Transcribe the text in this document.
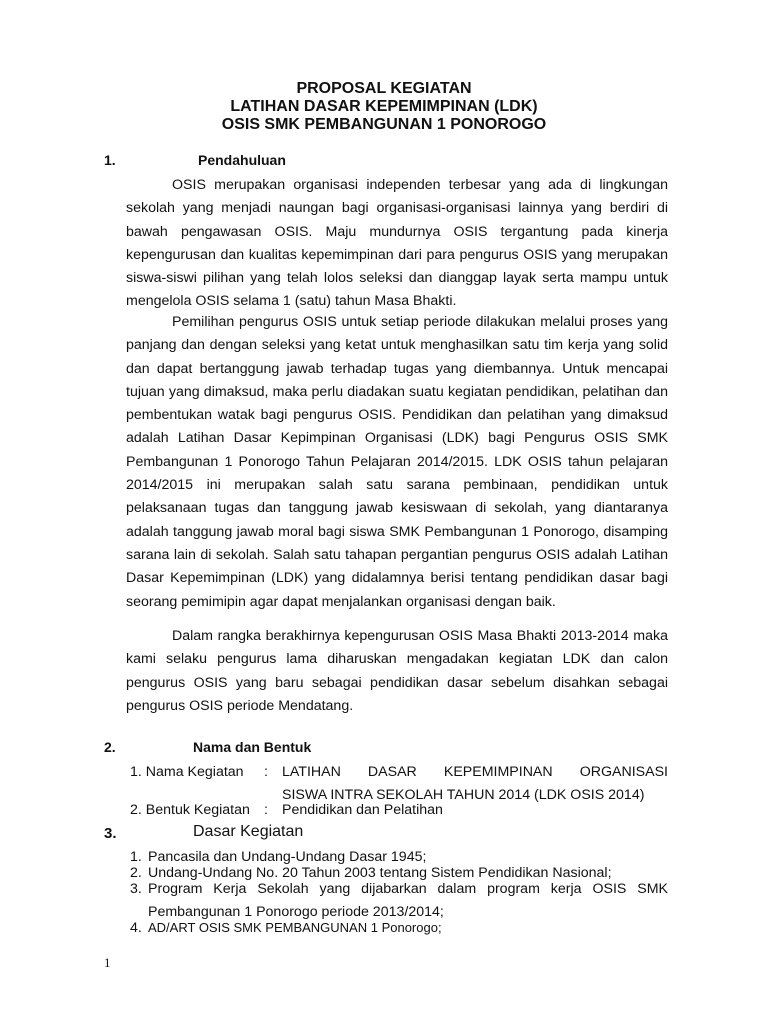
PROPOSAL KEGIATAN
LATIHAN DASAR KEPEMIMPINAN (LDK)
OSIS SMK PEMBANGUNAN 1 PONOROGO
1.	Pendahuluan

OSIS merupakan organisasi independen terbesar yang ada di lingkungan sekolah yang menjadi naungan bagi organisasi-organisasi lainnya yang berdiri di bawah pengawasan OSIS. Maju mundurnya OSIS tergantung pada kinerja kepengurusan dan kualitas kepemimpinan dari para pengurus OSIS yang merupakan siswa-siswi pilihan yang telah lolos seleksi dan dianggap layak serta mampu untuk mengelola OSIS selama 1 (satu) tahun Masa Bhakti.

Pemilihan pengurus OSIS untuk setiap periode dilakukan melalui proses yang panjang dan dengan seleksi yang ketat untuk menghasilkan satu tim kerja yang solid dan dapat bertanggung jawab terhadap tugas yang diembannya. Untuk mencapai tujuan yang dimaksud, maka perlu diadakan suatu kegiatan pendidikan, pelatihan dan pembentukan watak bagi pengurus OSIS. Pendidikan dan pelatihan yang dimaksud adalah Latihan Dasar Kepimpinan Organisasi (LDK) bagi Pengurus OSIS SMK Pembangunan 1 Ponorogo Tahun Pelajaran 2014/2015. LDK OSIS tahun pelajaran 2014/2015 ini merupakan salah satu sarana pembinaan, pendidikan untuk pelaksanaan tugas dan tanggung jawab kesiswaan di sekolah, yang diantaranya adalah tanggung jawab moral bagi siswa SMK Pembangunan 1 Ponorogo, disamping sarana lain di sekolah. Salah satu tahapan pergantian pengurus OSIS adalah Latihan Dasar Kepemimpinan (LDK) yang didalamnya berisi tentang pendidikan dasar bagi seorang pemimipin agar dapat menjalankan organisasi dengan baik.

Dalam rangka berakhirnya kepengurusan OSIS Masa Bhakti 2013-2014 maka kami selaku pengurus lama diharuskan mengadakan kegiatan LDK dan calon pengurus OSIS yang baru sebagai pendidikan dasar sebelum disahkan sebagai pengurus OSIS periode Mendatang.

2.	Nama dan Bentuk
1. Nama Kegiatan : LATIHAN DASAR KEPEMIMPINAN ORGANISASI
SISWA INTRA SEKOLAH TAHUN 2014 (LDK OSIS 2014)
2. Bentuk Kegiatan : Pendidikan dan Pelatihan
3.	Dasar Kegiatan
1. Pancasila dan Undang-Undang Dasar 1945;
2. Undang-Undang No. 20 Tahun 2003 tentang Sistem Pendidikan Nasional;
3. Program Kerja Sekolah yang dijabarkan dalam program kerja OSIS SMK
Pembangunan 1 Ponorogo periode 2013/2014;
4. AD/ART OSIS SMK PEMBANGUNAN 1 Ponorogo;
1
